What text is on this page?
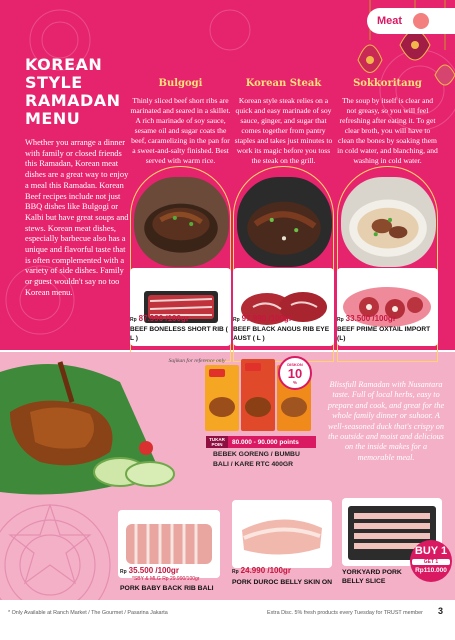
Meat
KOREAN
STYLE
RAMADAN
MENU
Whether you arrange a dinner with family or closed friends this Ramadan, Korean meat dishes are a great way to enjoy a meal this Ramadan. Korean Beef recipes include not just BBQ dishes like Bulgogi or Kalbi but have great soups and stews. Korean meat dishes, especially barbecue also has a unique and flavorful taste that is often complemented with a variety of side dishes. Family or guest wouldn't say no too Korean menu.
Bulgogi
Thinly sliced beef short ribs are marinated and seared in a skillet. A rich marinade of soy sauce, sesame oil and sugar coats the beef, caramelizing in the pan for a sweet-and-salty finished. Best served with warm rice.
Rp 87.990 /100gr
BEEF BONELESS SHORT RIB ( L )
Korean Steak
Korean style steak relies on a quick and easy marinade of soy sauce, ginger, and sugar that comes together from pantry staples and takes just minutes to work its magic before you toss the steak on the grill.
Rp 97.990 /100gr
BEEF BLACK ANGUS RIB EYE AUST ( L )
Sokkoritang
The soup by itself is clear and not greasy, so you will feel refreshing after eating it. To get clear broth, you will have to clean the bones by soaking them in cold water, and blanching, and washing in cold water.
Rp 33.500 /100gr
BEEF PRIME OXTAIL IMPORT (L)
Sajikan for reference only
DISKON
10
%
TUKAR POIN	80.000 - 90.000 points
BEBEK GORENG / BUMBU BALI / KARE RTC 400GR
Blissfull Ramadan with Nusantara taste. Full of local herbs, easy to prepare and cook, and great for the whole family dinner or suhoor. A well-seasoned duck that's crispy on the outside and moist and delicious on the inside makes for a memorable meal.
Rp 35.500 /100gr
*SBY & MLG Rp 29.990/100gr
PORK BABY BACK RIB BALI
Rp 24.990 /100gr
PORK DUROC BELLY SKIN ON
YORKYARD PORK BELLY SLICE
BUY 1
GET 1
Rp110.000
* Only Available at Ranch Market / The Gourmet / Pasarina Jakarta	Extra Disc. 5% fresh products every Tuesday for TRUST member 3
